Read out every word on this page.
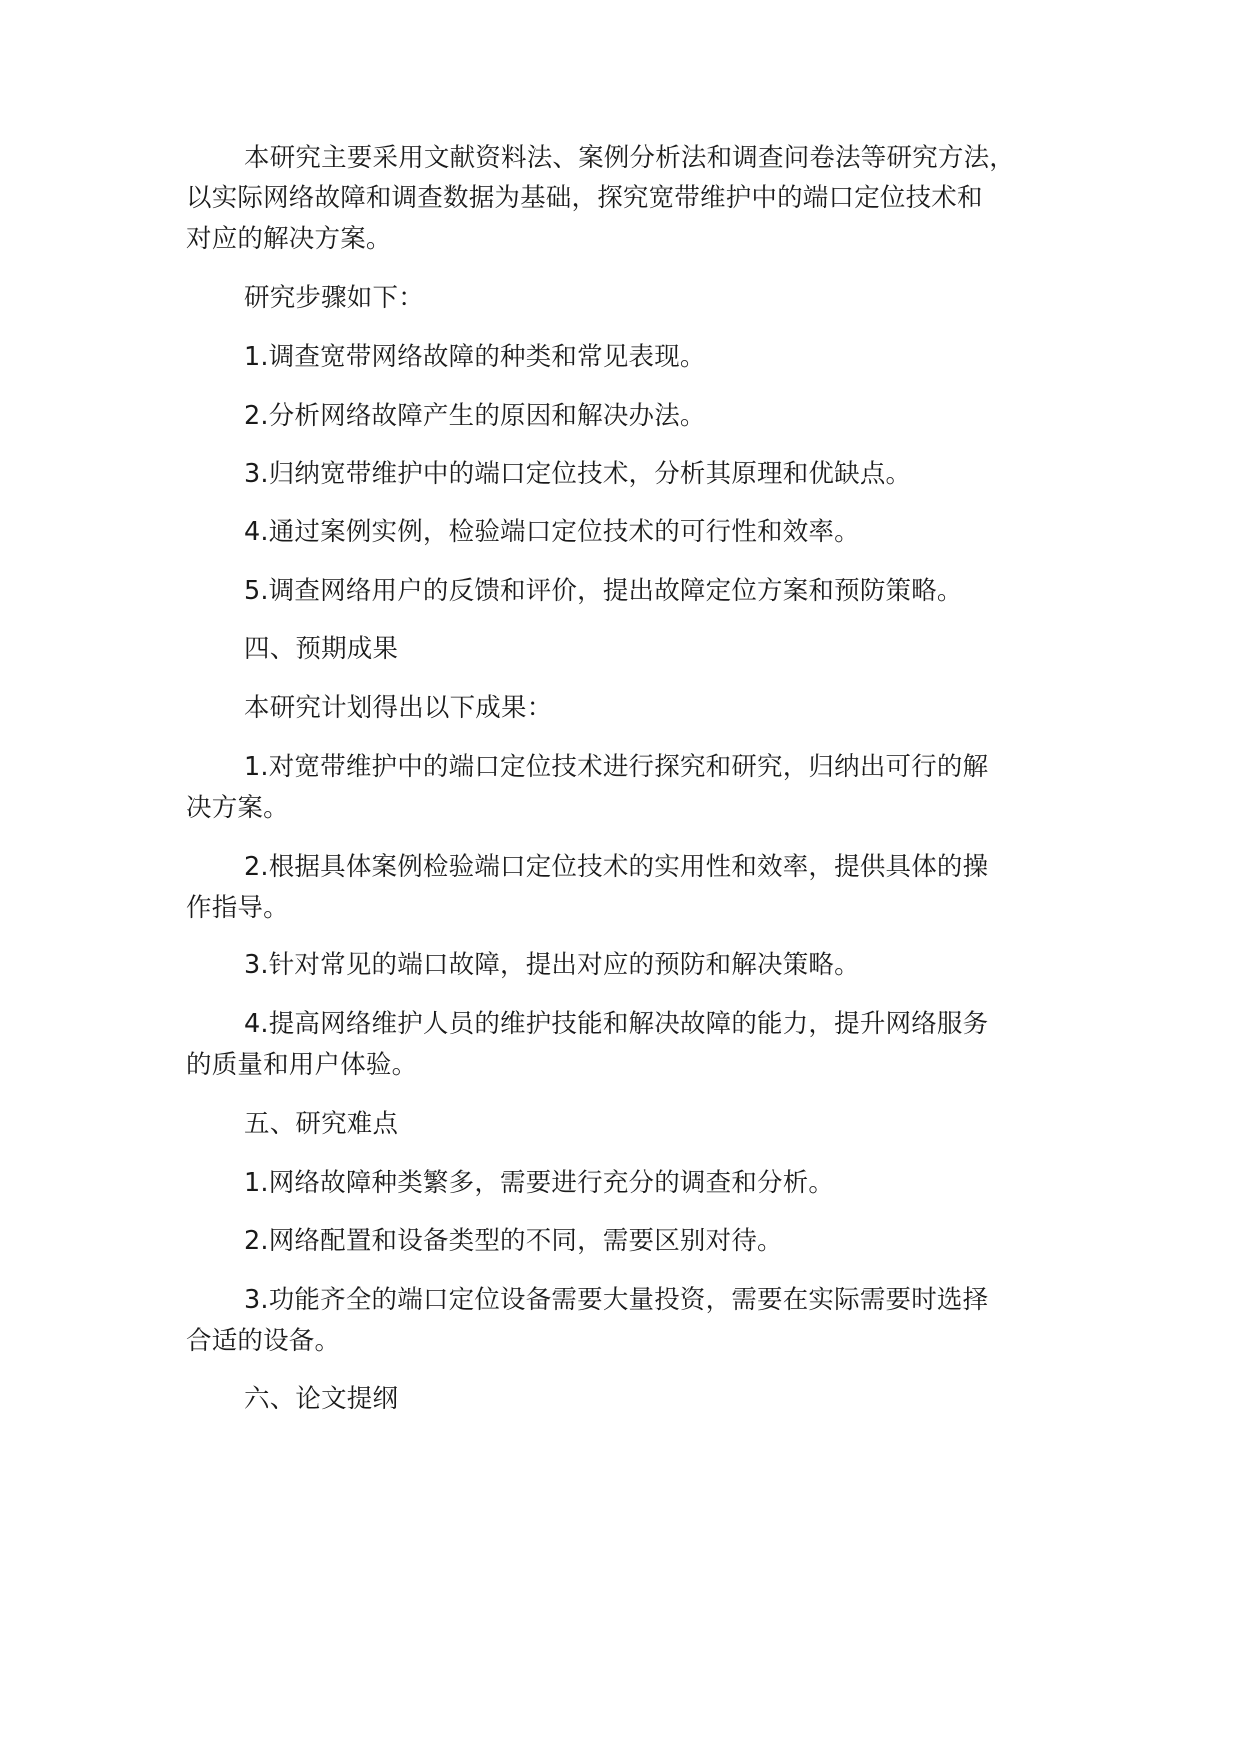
本研究主要采用文献资料法、案例分析法和调查问卷法等研究方法，
以实际网络故障和调查数据为基础，探究宽带维护中的端口定位技术和
对应的解决方案。
研究步骤如下：
1.调查宽带网络故障的种类和常见表现。
2.分析网络故障产生的原因和解决办法。
3.归纳宽带维护中的端口定位技术，分析其原理和优缺点。
4.通过案例实例，检验端口定位技术的可行性和效率。
5.调查网络用户的反馈和评价，提出故障定位方案和预防策略。
四、预期成果
本研究计划得出以下成果：
1.对宽带维护中的端口定位技术进行探究和研究，归纳出可行的解
决方案。
2.根据具体案例检验端口定位技术的实用性和效率，提供具体的操
作指导。
3.针对常见的端口故障，提出对应的预防和解决策略。
4.提高网络维护人员的维护技能和解决故障的能力，提升网络服务
的质量和用户体验。
五、研究难点
1.网络故障种类繁多，需要进行充分的调查和分析。
2.网络配置和设备类型的不同，需要区别对待。
3.功能齐全的端口定位设备需要大量投资，需要在实际需要时选择
合适的设备。
六、论文提纲
